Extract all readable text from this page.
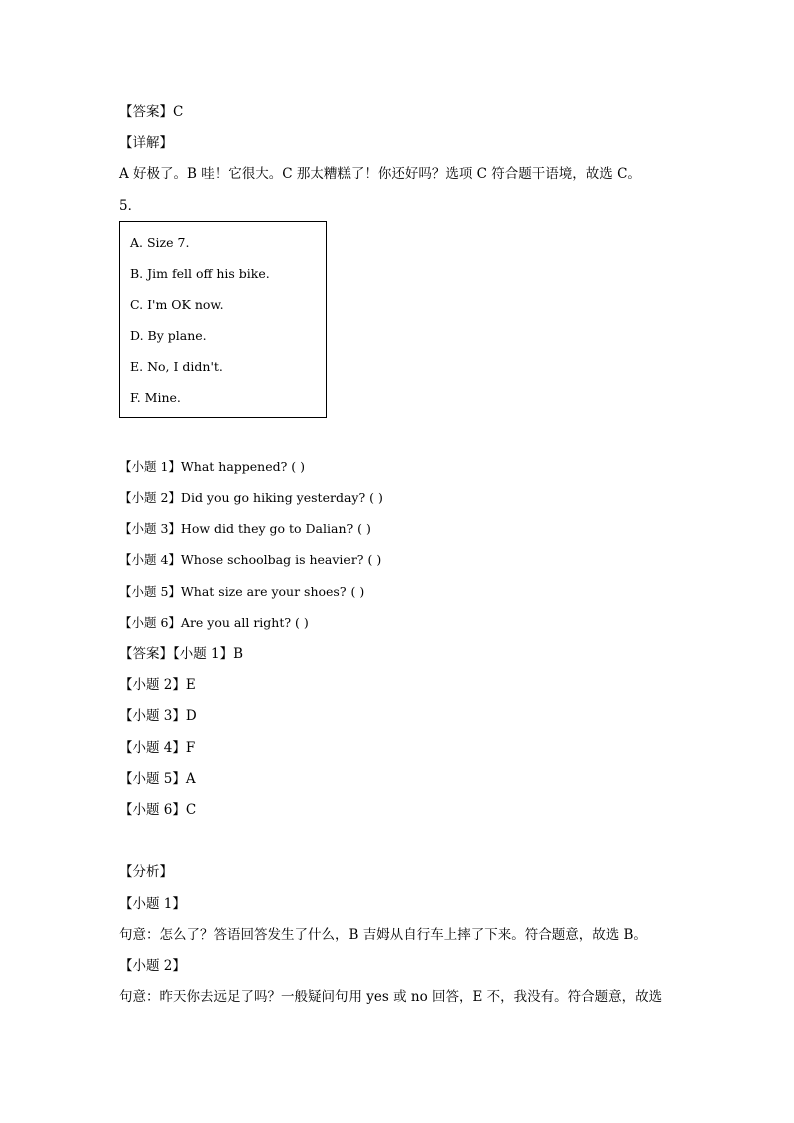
【答案】C
【详解】
A 好极了。B 哇！它很大。C 那太糟糕了！你还好吗？选项 C 符合题干语境，故选 C。
5．
A. Size 7.
B. Jim fell off his bike.
C. I'm OK now.
D. By plane.
E. No, I didn't.
F. Mine.
【小题 1】What happened? ( )
【小题 2】Did you go hiking yesterday? ( )
【小题 3】How did they go to Dalian? ( )
【小题 4】Whose schoolbag is heavier? ( )
【小题 5】What size are your shoes? ( )
【小题 6】Are you all right? ( )
【答案】【小题 1】B
【小题 2】E
【小题 3】D
【小题 4】F
【小题 5】A
【小题 6】C
【分析】
【小题 1】
句意：怎么了？答语回答发生了什么，B 吉姆从自行车上摔了下来。符合题意，故选 B。
【小题 2】
句意：昨天你去远足了吗？一般疑问句用 yes 或 no 回答，E 不，我没有。符合题意，故选
